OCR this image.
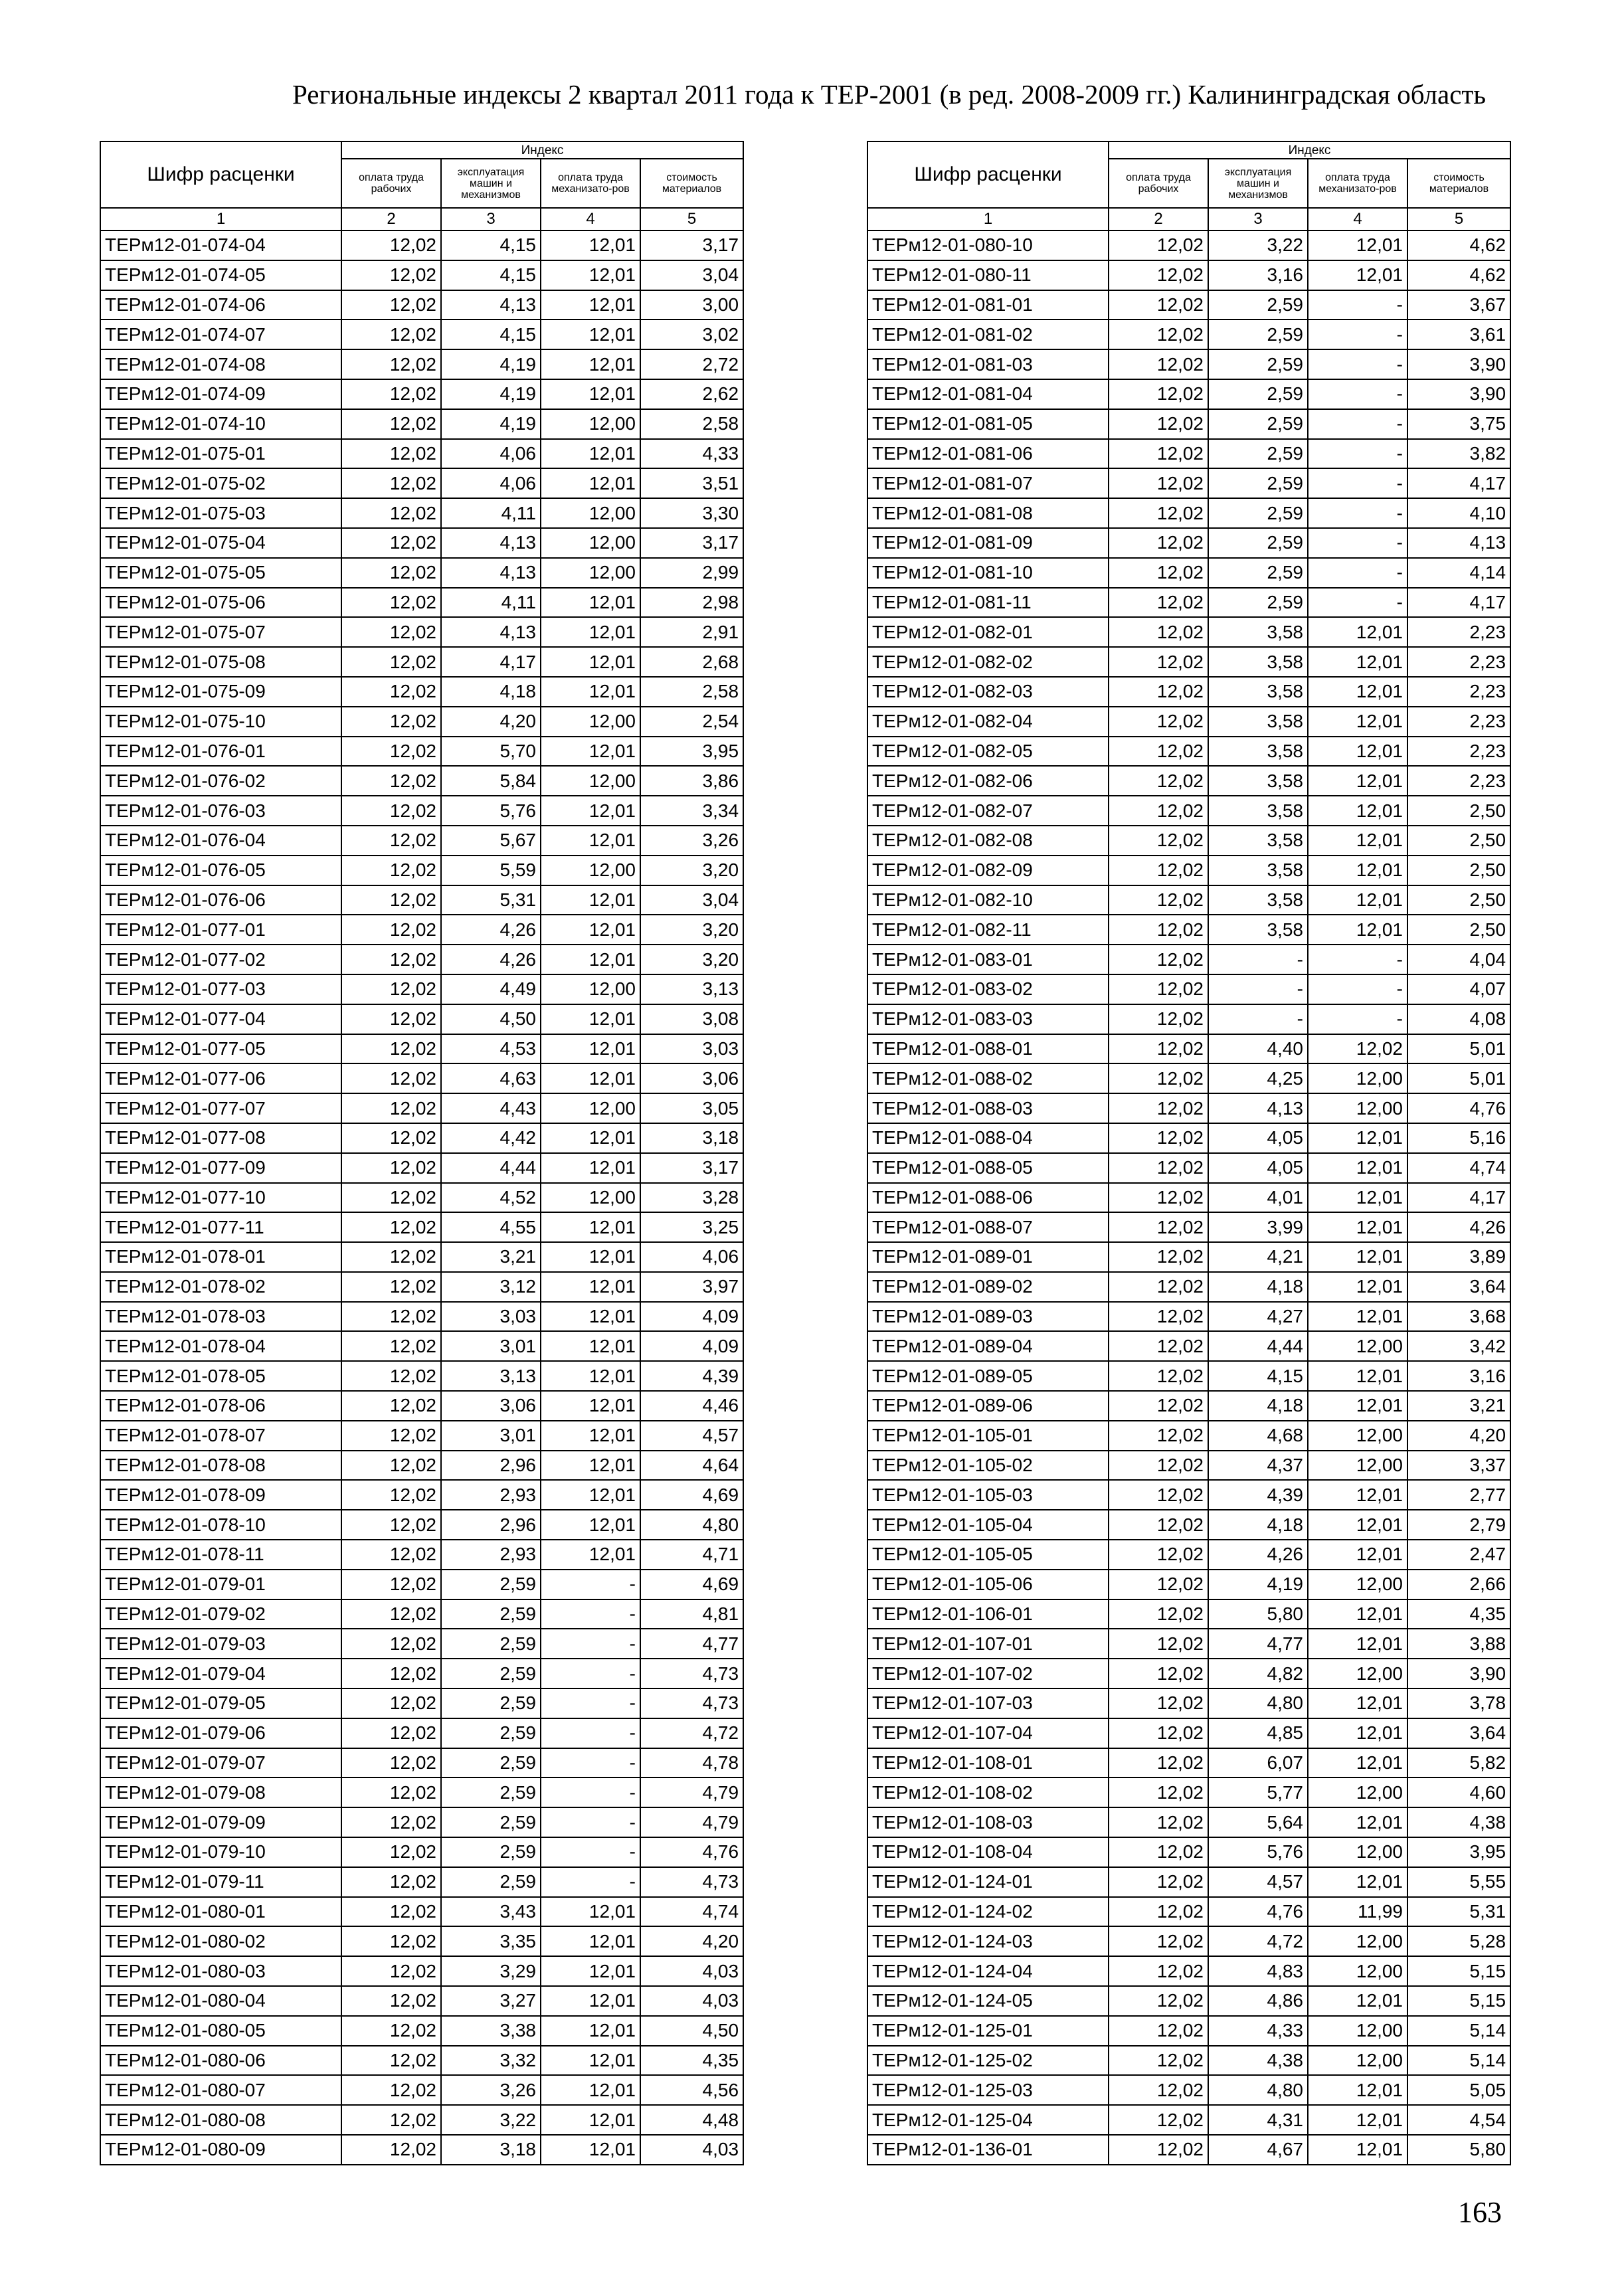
Региональные индексы 2 квартал 2011 года к ТЕР-2001 (в ред. 2008-2009 гг.) Калининградская область
Шифр расценки	Индекс			
	оплата труда рабочих	эксплуатация машин и механизмов	оплата труда механизато-ров	стоимость материалов
1	2	3	4	5
ТЕРм12-01-074-04	12,02	4,15	12,01	3,17
ТЕРм12-01-074-05	12,02	4,15	12,01	3,04
ТЕРм12-01-074-06	12,02	4,13	12,01	3,00
ТЕРм12-01-074-07	12,02	4,15	12,01	3,02
ТЕРм12-01-074-08	12,02	4,19	12,01	2,72
ТЕРм12-01-074-09	12,02	4,19	12,01	2,62
ТЕРм12-01-074-10	12,02	4,19	12,00	2,58
ТЕРм12-01-075-01	12,02	4,06	12,01	4,33
ТЕРм12-01-075-02	12,02	4,06	12,01	3,51
ТЕРм12-01-075-03	12,02	4,11	12,00	3,30
ТЕРм12-01-075-04	12,02	4,13	12,00	3,17
ТЕРм12-01-075-05	12,02	4,13	12,00	2,99
ТЕРм12-01-075-06	12,02	4,11	12,01	2,98
ТЕРм12-01-075-07	12,02	4,13	12,01	2,91
ТЕРм12-01-075-08	12,02	4,17	12,01	2,68
ТЕРм12-01-075-09	12,02	4,18	12,01	2,58
ТЕРм12-01-075-10	12,02	4,20	12,00	2,54
ТЕРм12-01-076-01	12,02	5,70	12,01	3,95
ТЕРм12-01-076-02	12,02	5,84	12,00	3,86
ТЕРм12-01-076-03	12,02	5,76	12,01	3,34
ТЕРм12-01-076-04	12,02	5,67	12,01	3,26
ТЕРм12-01-076-05	12,02	5,59	12,00	3,20
ТЕРм12-01-076-06	12,02	5,31	12,01	3,04
ТЕРм12-01-077-01	12,02	4,26	12,01	3,20
ТЕРм12-01-077-02	12,02	4,26	12,01	3,20
ТЕРм12-01-077-03	12,02	4,49	12,00	3,13
ТЕРм12-01-077-04	12,02	4,50	12,01	3,08
ТЕРм12-01-077-05	12,02	4,53	12,01	3,03
ТЕРм12-01-077-06	12,02	4,63	12,01	3,06
ТЕРм12-01-077-07	12,02	4,43	12,00	3,05
ТЕРм12-01-077-08	12,02	4,42	12,01	3,18
ТЕРм12-01-077-09	12,02	4,44	12,01	3,17
ТЕРм12-01-077-10	12,02	4,52	12,00	3,28
ТЕРм12-01-077-11	12,02	4,55	12,01	3,25
ТЕРм12-01-078-01	12,02	3,21	12,01	4,06
ТЕРм12-01-078-02	12,02	3,12	12,01	3,97
ТЕРм12-01-078-03	12,02	3,03	12,01	4,09
ТЕРм12-01-078-04	12,02	3,01	12,01	4,09
ТЕРм12-01-078-05	12,02	3,13	12,01	4,39
ТЕРм12-01-078-06	12,02	3,06	12,01	4,46
ТЕРм12-01-078-07	12,02	3,01	12,01	4,57
ТЕРм12-01-078-08	12,02	2,96	12,01	4,64
ТЕРм12-01-078-09	12,02	2,93	12,01	4,69
ТЕРм12-01-078-10	12,02	2,96	12,01	4,80
ТЕРм12-01-078-11	12,02	2,93	12,01	4,71
ТЕРм12-01-079-01	12,02	2,59	-	4,69
ТЕРм12-01-079-02	12,02	2,59	-	4,81
ТЕРм12-01-079-03	12,02	2,59	-	4,77
ТЕРм12-01-079-04	12,02	2,59	-	4,73
ТЕРм12-01-079-05	12,02	2,59	-	4,73
ТЕРм12-01-079-06	12,02	2,59	-	4,72
ТЕРм12-01-079-07	12,02	2,59	-	4,78
ТЕРм12-01-079-08	12,02	2,59	-	4,79
ТЕРм12-01-079-09	12,02	2,59	-	4,79
ТЕРм12-01-079-10	12,02	2,59	-	4,76
ТЕРм12-01-079-11	12,02	2,59	-	4,73
ТЕРм12-01-080-01	12,02	3,43	12,01	4,74
ТЕРм12-01-080-02	12,02	3,35	12,01	4,20
ТЕРм12-01-080-03	12,02	3,29	12,01	4,03
ТЕРм12-01-080-04	12,02	3,27	12,01	4,03
ТЕРм12-01-080-05	12,02	3,38	12,01	4,50
ТЕРм12-01-080-06	12,02	3,32	12,01	4,35
ТЕРм12-01-080-07	12,02	3,26	12,01	4,56
ТЕРм12-01-080-08	12,02	3,22	12,01	4,48
ТЕРм12-01-080-09	12,02	3,18	12,01	4,03
Шифр расценки	Индекс			
	оплата труда рабочих	эксплуатация машин и механизмов	оплата труда механизато-ров	стоимость материалов
1	2	3	4	5
ТЕРм12-01-080-10	12,02	3,22	12,01	4,62
ТЕРм12-01-080-11	12,02	3,16	12,01	4,62
ТЕРм12-01-081-01	12,02	2,59	-	3,67
ТЕРм12-01-081-02	12,02	2,59	-	3,61
ТЕРм12-01-081-03	12,02	2,59	-	3,90
ТЕРм12-01-081-04	12,02	2,59	-	3,90
ТЕРм12-01-081-05	12,02	2,59	-	3,75
ТЕРм12-01-081-06	12,02	2,59	-	3,82
ТЕРм12-01-081-07	12,02	2,59	-	4,17
ТЕРм12-01-081-08	12,02	2,59	-	4,10
ТЕРм12-01-081-09	12,02	2,59	-	4,13
ТЕРм12-01-081-10	12,02	2,59	-	4,14
ТЕРм12-01-081-11	12,02	2,59	-	4,17
ТЕРм12-01-082-01	12,02	3,58	12,01	2,23
ТЕРм12-01-082-02	12,02	3,58	12,01	2,23
ТЕРм12-01-082-03	12,02	3,58	12,01	2,23
ТЕРм12-01-082-04	12,02	3,58	12,01	2,23
ТЕРм12-01-082-05	12,02	3,58	12,01	2,23
ТЕРм12-01-082-06	12,02	3,58	12,01	2,23
ТЕРм12-01-082-07	12,02	3,58	12,01	2,50
ТЕРм12-01-082-08	12,02	3,58	12,01	2,50
ТЕРм12-01-082-09	12,02	3,58	12,01	2,50
ТЕРм12-01-082-10	12,02	3,58	12,01	2,50
ТЕРм12-01-082-11	12,02	3,58	12,01	2,50
ТЕРм12-01-083-01	12,02	-	-	4,04
ТЕРм12-01-083-02	12,02	-	-	4,07
ТЕРм12-01-083-03	12,02	-	-	4,08
ТЕРм12-01-088-01	12,02	4,40	12,02	5,01
ТЕРм12-01-088-02	12,02	4,25	12,00	5,01
ТЕРм12-01-088-03	12,02	4,13	12,00	4,76
ТЕРм12-01-088-04	12,02	4,05	12,01	5,16
ТЕРм12-01-088-05	12,02	4,05	12,01	4,74
ТЕРм12-01-088-06	12,02	4,01	12,01	4,17
ТЕРм12-01-088-07	12,02	3,99	12,01	4,26
ТЕРм12-01-089-01	12,02	4,21	12,01	3,89
ТЕРм12-01-089-02	12,02	4,18	12,01	3,64
ТЕРм12-01-089-03	12,02	4,27	12,01	3,68
ТЕРм12-01-089-04	12,02	4,44	12,00	3,42
ТЕРм12-01-089-05	12,02	4,15	12,01	3,16
ТЕРм12-01-089-06	12,02	4,18	12,01	3,21
ТЕРм12-01-105-01	12,02	4,68	12,00	4,20
ТЕРм12-01-105-02	12,02	4,37	12,00	3,37
ТЕРм12-01-105-03	12,02	4,39	12,01	2,77
ТЕРм12-01-105-04	12,02	4,18	12,01	2,79
ТЕРм12-01-105-05	12,02	4,26	12,01	2,47
ТЕРм12-01-105-06	12,02	4,19	12,00	2,66
ТЕРм12-01-106-01	12,02	5,80	12,01	4,35
ТЕРм12-01-107-01	12,02	4,77	12,01	3,88
ТЕРм12-01-107-02	12,02	4,82	12,00	3,90
ТЕРм12-01-107-03	12,02	4,80	12,01	3,78
ТЕРм12-01-107-04	12,02	4,85	12,01	3,64
ТЕРм12-01-108-01	12,02	6,07	12,01	5,82
ТЕРм12-01-108-02	12,02	5,77	12,00	4,60
ТЕРм12-01-108-03	12,02	5,64	12,01	4,38
ТЕРм12-01-108-04	12,02	5,76	12,00	3,95
ТЕРм12-01-124-01	12,02	4,57	12,01	5,55
ТЕРм12-01-124-02	12,02	4,76	11,99	5,31
ТЕРм12-01-124-03	12,02	4,72	12,00	5,28
ТЕРм12-01-124-04	12,02	4,83	12,00	5,15
ТЕРм12-01-124-05	12,02	4,86	12,01	5,15
ТЕРм12-01-125-01	12,02	4,33	12,00	5,14
ТЕРм12-01-125-02	12,02	4,38	12,00	5,14
ТЕРм12-01-125-03	12,02	4,80	12,01	5,05
ТЕРм12-01-125-04	12,02	4,31	12,01	4,54
ТЕРм12-01-136-01	12,02	4,67	12,01	5,80
163
